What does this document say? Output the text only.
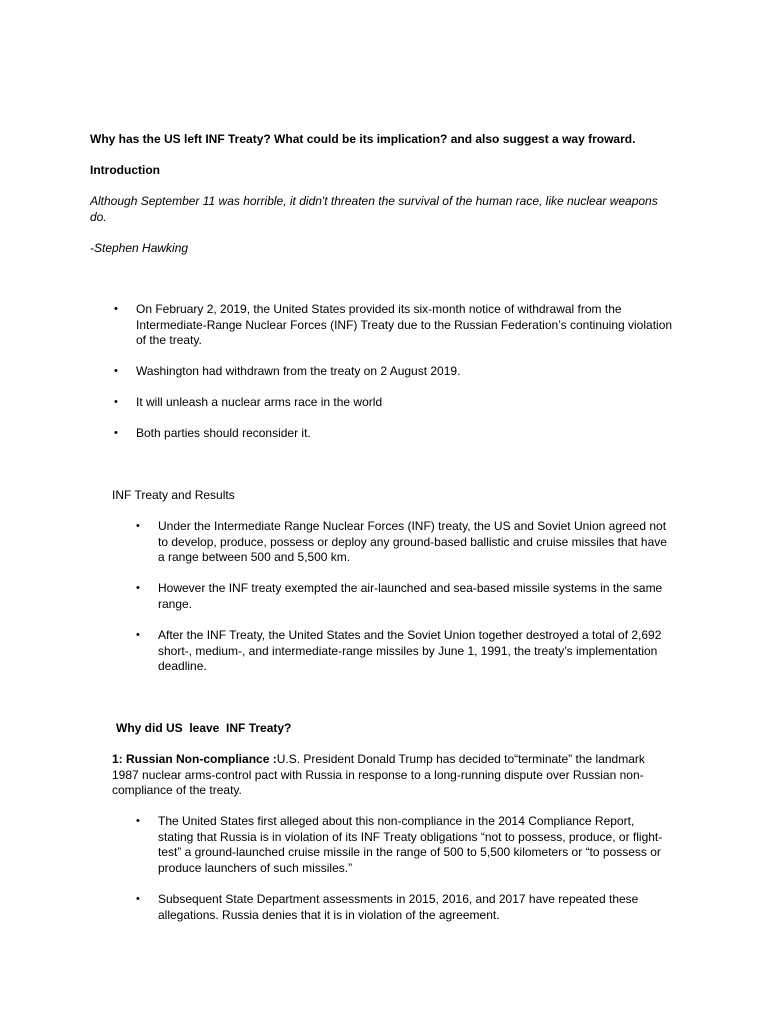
Why has the US left INF Treaty? What could be its implication? and also suggest a way froward.

Introduction

Although September 11 was horrible, it didn't threaten the survival of the human race, like nuclear weapons do.

-Stephen Hawking

• On February 2, 2019, the United States provided its six-month notice of withdrawal from the Intermediate-Range Nuclear Forces (INF) Treaty due to the Russian Federation’s continuing violation of the treaty.
• Washington had withdrawn from the treaty on 2 August 2019.
• It will unleash a nuclear arms race in the world
• Both parties should reconsider it.

INF Treaty and Results

• Under the Intermediate Range Nuclear Forces (INF) treaty, the US and Soviet Union agreed not to develop, produce, possess or deploy any ground-based ballistic and cruise missiles that have a range between 500 and 5,500 km.
• However the INF treaty exempted the air-launched and sea-based missile systems in the same range.
• After the INF Treaty, the United States and the Soviet Union together destroyed a total of 2,692 short-, medium-, and intermediate-range missiles by June 1, 1991, the treaty’s implementation deadline.

Why did US  leave  INF Treaty?

1: Russian Non-compliance :U.S. President Donald Trump has decided to“terminate” the landmark 1987 nuclear arms-control pact with Russia in response to a long-running dispute over Russian non-compliance of the treaty.

• The United States first alleged about this non-compliance in the 2014 Compliance Report, stating that Russia is in violation of its INF Treaty obligations “not to possess, produce, or flight-test” a ground-launched cruise missile in the range of 500 to 5,500 kilometers or “to possess or produce launchers of such missiles.”
• Subsequent State Department assessments in 2015, 2016, and 2017 have repeated these allegations. Russia denies that it is in violation of the agreement.
